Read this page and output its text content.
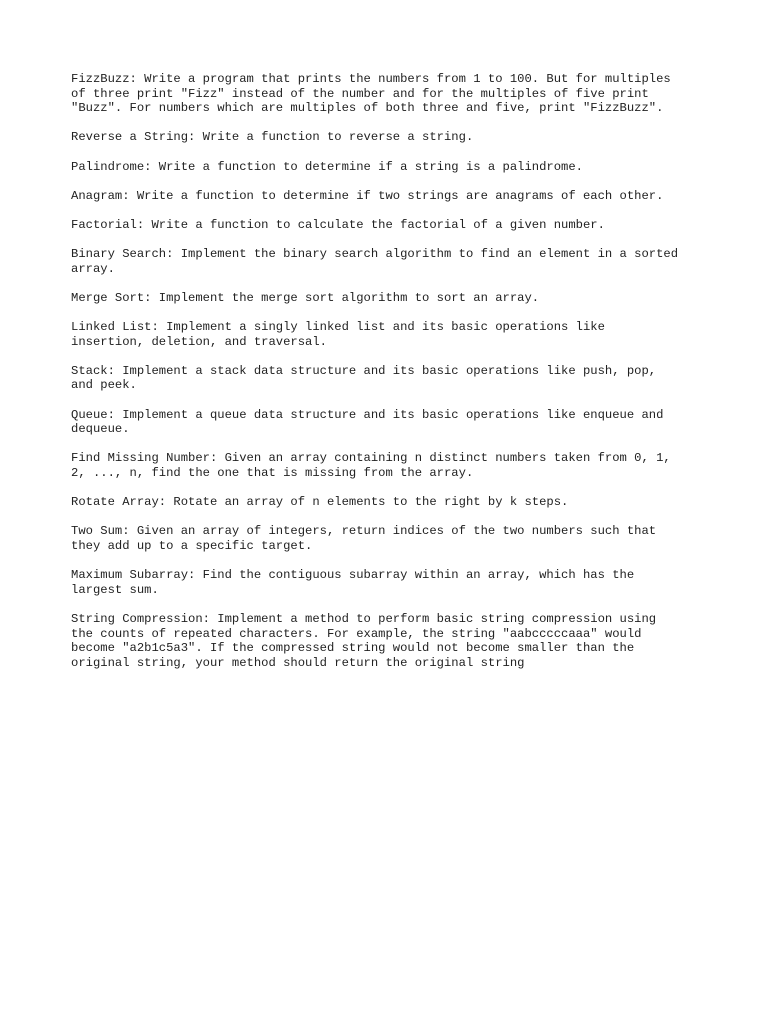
FizzBuzz: Write a program that prints the numbers from 1 to 100. But for multiples
of three print "Fizz" instead of the number and for the multiples of five print
"Buzz". For numbers which are multiples of both three and five, print "FizzBuzz".
Reverse a String: Write a function to reverse a string.
Palindrome: Write a function to determine if a string is a palindrome.
Anagram: Write a function to determine if two strings are anagrams of each other.
Factorial: Write a function to calculate the factorial of a given number.
Binary Search: Implement the binary search algorithm to find an element in a sorted
array.
Merge Sort: Implement the merge sort algorithm to sort an array.
Linked List: Implement a singly linked list and its basic operations like
insertion, deletion, and traversal.
Stack: Implement a stack data structure and its basic operations like push, pop,
and peek.
Queue: Implement a queue data structure and its basic operations like enqueue and
dequeue.
Find Missing Number: Given an array containing n distinct numbers taken from 0, 1,
2, ..., n, find the one that is missing from the array.
Rotate Array: Rotate an array of n elements to the right by k steps.
Two Sum: Given an array of integers, return indices of the two numbers such that
they add up to a specific target.
Maximum Subarray: Find the contiguous subarray within an array, which has the
largest sum.
String Compression: Implement a method to perform basic string compression using
the counts of repeated characters. For example, the string "aabcccccaaa" would
become "a2b1c5a3". If the compressed string would not become smaller than the
original string, your method should return the original string
